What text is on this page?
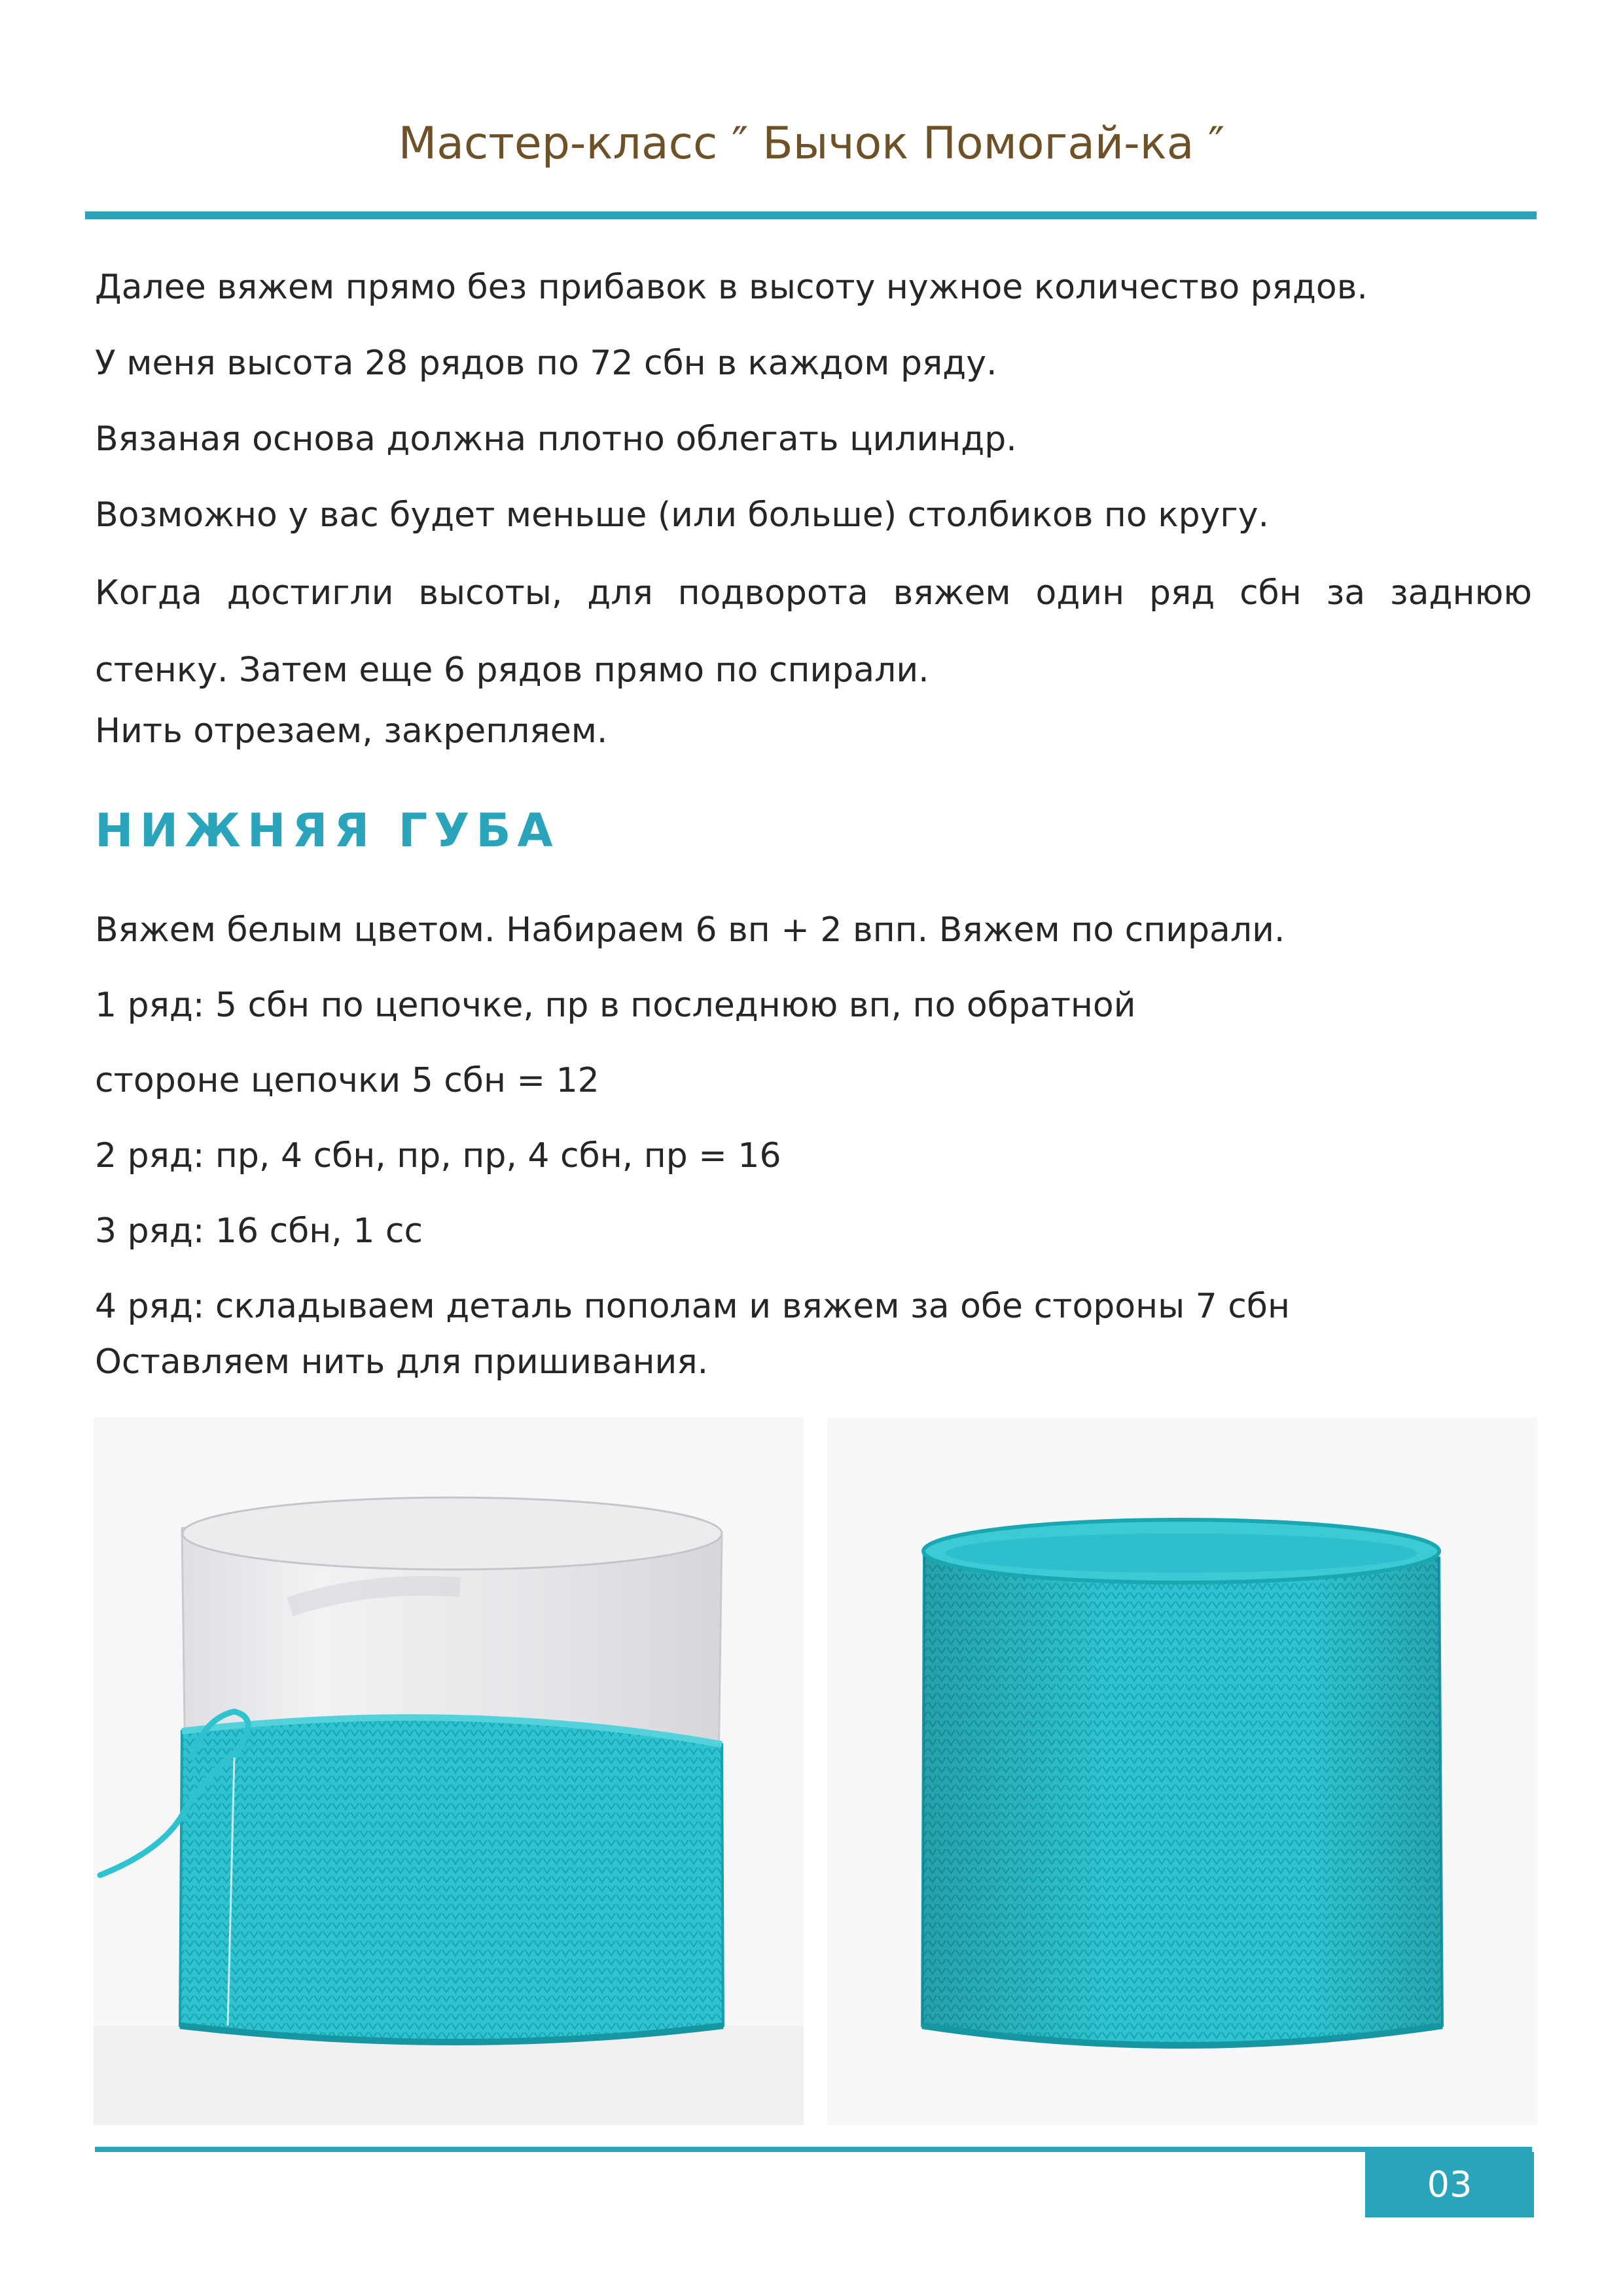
Мастер-класс ″ Бычок Помогай-ка ″
Далее вяжем прямо без прибавок в высоту нужное количество рядов.
У меня высота 28 рядов по 72 сбн в каждом ряду.
Вязаная основа должна плотно облегать цилиндр.
Возможно у вас будет меньше (или больше) столбиков по кругу.
Когда достигли высоты, для подворота вяжем один ряд сбн за заднюю стенку. Затем еще 6 рядов прямо по спирали.
Нить отрезаем, закрепляем.
НИЖНЯЯ ГУБА
Вяжем белым цветом. Набираем 6 вп + 2 впп. Вяжем по спирали.
1 ряд: 5 сбн по цепочке, пр в последнюю вп, по обратной
стороне цепочки 5 сбн = 12
2 ряд: пр, 4 сбн, пр, пр, 4 сбн, пр = 16
3 ряд: 16 сбн, 1 сс
4 ряд: складываем деталь пополам и вяжем за обе стороны 7 сбн
Оставляем нить для пришивания.
03
